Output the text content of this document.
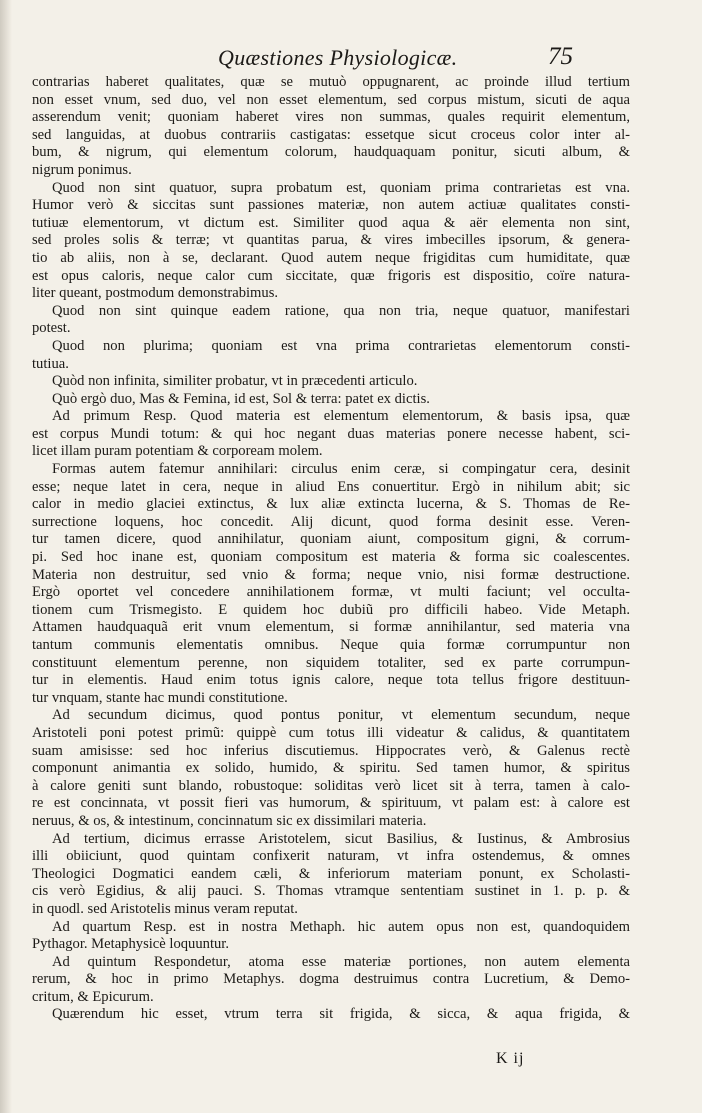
Quæstiones Physiologicæ.	75
contrarias haberet qualitates, quæ se mutuò oppugnarent, ac proinde illud tertium
non esset vnum, sed duo, vel non esset elementum, sed corpus mistum, sicuti de aqua
asserendum venit; quoniam haberet vires non summas, quales requirit elementum,
sed languidas, at duobus contrariis castigatas: essetque sicut croceus color inter al-
bum, & nigrum, qui elementum colorum, haudquaquam ponitur, sicuti album, &
nigrum ponimus.
Quod non sint quatuor, supra probatum est, quoniam prima contrarietas est vna.
Humor verò & siccitas sunt passiones materiæ, non autem actiuæ qualitates consti-
tutiuæ elementorum, vt dictum est. Similiter quod aqua & aër elementa non sint,
sed proles solis & terræ; vt quantitas parua, & vires imbecilles ipsorum, & genera-
tio ab aliis, non à se, declarant. Quod autem neque frigiditas cum humiditate, quæ
est opus caloris, neque calor cum siccitate, quæ frigoris est dispositio, coïre natura-
liter queant, postmodum demonstrabimus.
Quod non sint quinque eadem ratione, qua non tria, neque quatuor, manifestari
potest.
Quod non plurima; quoniam est vna prima contrarietas elementorum consti-
tutiua.
Quòd non infinita, similiter probatur, vt in præcedenti articulo.
Quò ergò duo, Mas & Femina, id est, Sol & terra: patet ex dictis.
Ad primum Resp. Quod materia est elementum elementorum, & basis ipsa, quæ
est corpus Mundi totum: & qui hoc negant duas materias ponere necesse habent, sci-
licet illam puram potentiam & corpoream molem.
Formas autem fatemur annihilari: circulus enim ceræ, si compingatur cera, desinit
esse; neque latet in cera, neque in aliud Ens conuertitur. Ergò in nihilum abit; sic
calor in medio glaciei extinctus, & lux aliæ extincta lucerna, & S. Thomas de Re-
surrectione loquens, hoc concedit. Alij dicunt, quod forma desinit esse. Veren-
tur tamen dicere, quod annihilatur, quoniam aiunt, compositum gigni, & corrum-
pi. Sed hoc inane est, quoniam compositum est materia & forma sic coalescentes.
Materia non destruitur, sed vnio & forma; neque vnio, nisi formæ destructione.
Ergò oportet vel concedere annihilationem formæ, vt multi faciunt; vel occulta-
tionem cum Trismegisto. E quidem hoc dubiũ pro difficili habeo. Vide Metaph.
Attamen haudquaquã erit vnum elementum, si formæ annihilantur, sed materia vna
tantum communis elementatis omnibus. Neque quia formæ corrumpuntur non
constituunt elementum perenne, non siquidem totaliter, sed ex parte corrumpun-
tur in elementis. Haud enim totus ignis calore, neque tota tellus frigore destituun-
tur vnquam, stante hac mundi constitutione.
Ad secundum dicimus, quod pontus ponitur, vt elementum secundum, neque
Aristoteli poni potest primũ: quippè cum totus illi videatur & calidus, & quantitatem
suam amisisse: sed hoc inferius discutiemus. Hippocrates verò, & Galenus rectè
componunt animantia ex solido, humido, & spiritu. Sed tamen humor, & spiritus
à calore geniti sunt blando, robustoque: soliditas verò licet sit à terra, tamen à calo-
re est concinnata, vt possit fieri vas humorum, & spirituum, vt palam est: à calore est
neruus, & os, & intestinum, concinnatum sic ex dissimilari materia.
Ad tertium, dicimus errasse Aristotelem, sicut Basilius, & Iustinus, & Ambrosius
illi obiiciunt, quod quintam confixerit naturam, vt infra ostendemus, & omnes
Theologici Dogmatici eandem cæli, & inferiorum materiam ponunt, ex Scholasti-
cis verò Egidius, & alij pauci. S. Thomas vtramque sententiam sustinet in 1. p. p. &
in quodl. sed Aristotelis minus veram reputat.
Ad quartum Resp. est in nostra Methaph. hic autem opus non est, quandoquidem
Pythagor. Metaphysicè loquuntur.
Ad quintum Respondetur, atoma esse materiæ portiones, non autem elementa
rerum, & hoc in primo Metaphys. dogma destruimus contra Lucretium, & Demo-
critum, & Epicurum.
Quærendum hic esset, vtrum terra sit frigida, & sicca, & aqua frigida, &
K ij
